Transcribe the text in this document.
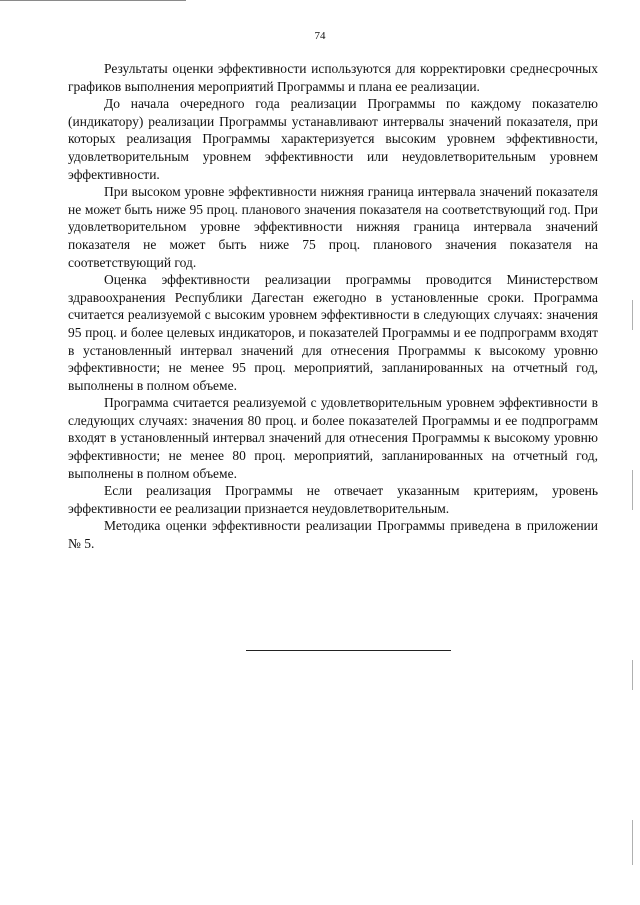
74

Результаты оценки эффективности используются для корректировки среднесрочных графиков выполнения мероприятий Программы и плана ее реализации.

До начала очередного года реализации Программы по каждому показателю (индикатору) реализации Программы устанавливают интервалы значений показателя, при которых реализация Программы характеризуется высоким уровнем эффективности, удовлетворительным уровнем эффективности или неудовлетворительным уровнем эффективности.

При высоком уровне эффективности нижняя граница интервала значений показателя не может быть ниже 95 проц. планового значения показателя на соответствующий год. При удовлетворительном уровне эффективности нижняя граница интервала значений показателя не может быть ниже 75 проц. планового значения показателя на соответствующий год.

Оценка эффективности реализации программы проводится Министерством здравоохранения Республики Дагестан ежегодно в установленные сроки. Программа считается реализуемой с высоким уровнем эффективности в следующих случаях: значения 95 проц. и более целевых индикаторов, и показателей Программы и ее подпрограмм входят в установленный интервал значений для отнесения Программы к высокому уровню эффективности; не менее 95 проц. мероприятий, запланированных на отчетный год, выполнены в полном объеме.

Программа считается реализуемой с удовлетворительным уровнем эффективности в следующих случаях: значения 80 проц. и более показателей Программы и ее подпрограмм входят в установленный интервал значений для отнесения Программы к высокому уровню эффективности; не менее 80 проц. мероприятий, запланированных на отчетный год, выполнены в полном объеме.

Если реализация Программы не отвечает указанным критериям, уровень эффективности ее реализации признается неудовлетворительным.

Методика оценки эффективности реализации Программы приведена в приложении № 5.
